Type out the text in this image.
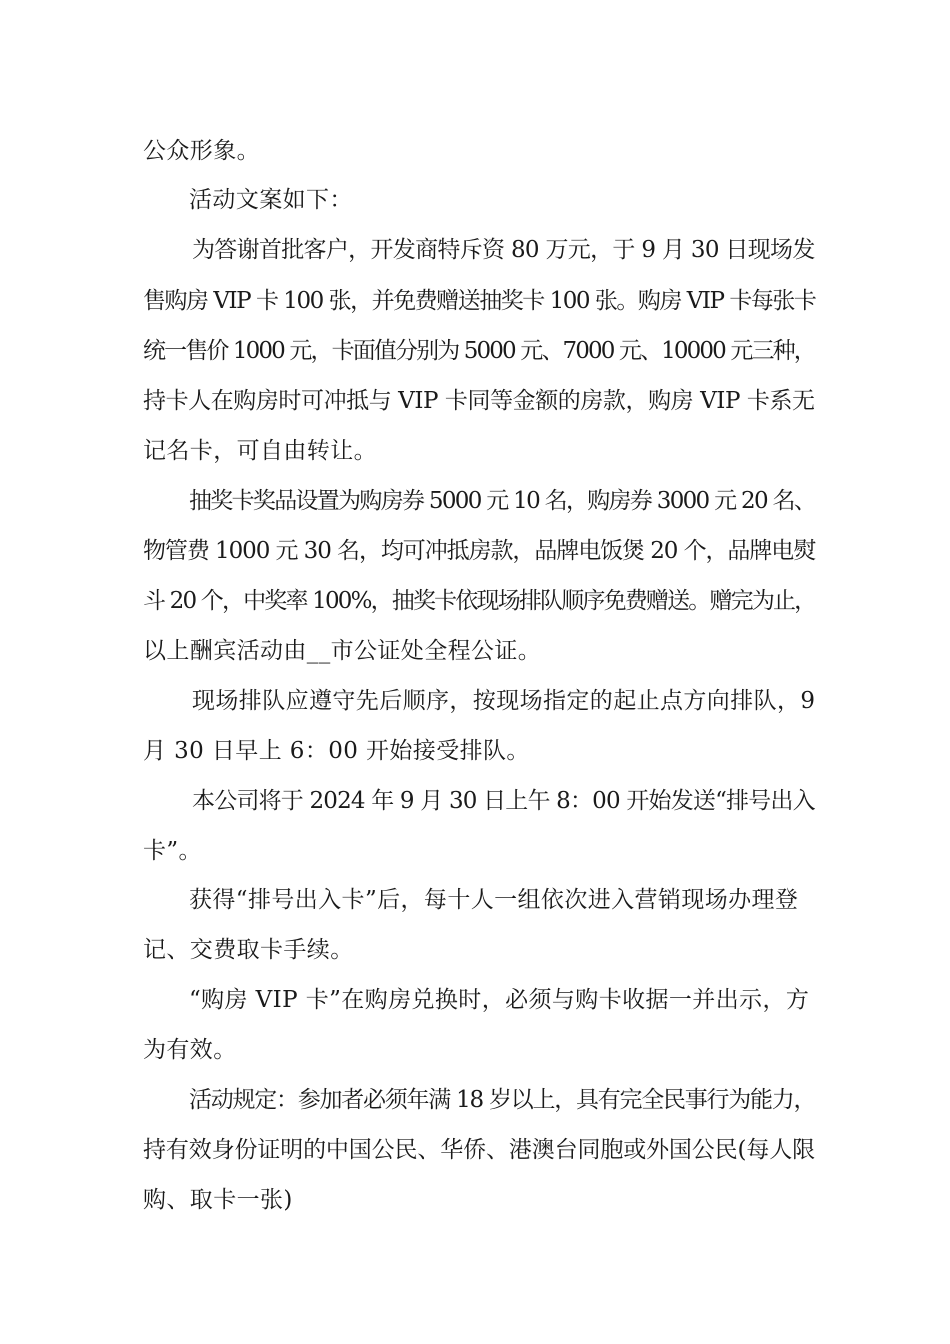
公众形象。
活动文案如下：
为答谢首批客户，开发商特斥资 80 万元，于 9 月 30 日现场发
售购房 VIP 卡 100 张，并免费赠送抽奖卡 100 张。购房 VIP 卡每张卡
统一售价 1000 元，卡面值分别为 5000 元、7000 元、10000 元三种，
持卡人在购房时可冲抵与 VIP 卡同等金额的房款，购房 VIP 卡系无
记名卡，可自由转让。
抽奖卡奖品设置为购房券 5000 元 10 名，购房券 3000 元 20 名、
物管费 1000 元 30 名，均可冲抵房款，品牌电饭煲 20 个，品牌电熨
斗 20 个，中奖率 100%，抽奖卡依现场排队顺序免费赠送。赠完为止，
以上酬宾活动由__市公证处全程公证。
现场排队应遵守先后顺序，按现场指定的起止点方向排队，9
月 30 日早上 6：00 开始接受排队。
本公司将于 2024 年 9 月 30 日上午 8：00 开始发送“排号出入
卡”。
获得“排号出入卡”后，每十人一组依次进入营销现场办理登
记、交费取卡手续。
“购房 VIP 卡”在购房兑换时，必须与购卡收据一并出示，方
为有效。
活动规定：参加者必须年满 18 岁以上，具有完全民事行为能力，
持有效身份证明的中国公民、华侨、港澳台同胞或外国公民(每人限
购、取卡一张)
